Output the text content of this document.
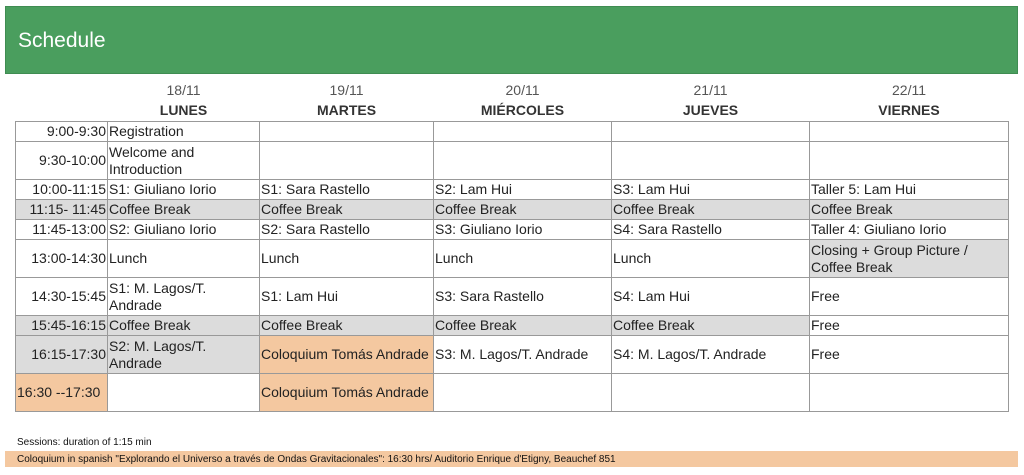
Schedule
	18/11	19/11	20/11	21/11	22/11
	LUNES	MARTES	MIÉRCOLES	JUEVES	VIERNES

9:00-9:30	Registration				
9:30-10:00	Welcome and Introduction				
10:00-11:15	S1: Giuliano Iorio	S1: Sara Rastello	S2: Lam Hui	S3: Lam Hui	Taller 5: Lam Hui
11:15- 11:45	Coffee Break	Coffee Break	Coffee Break	Coffee Break	Coffee Break
11:45-13:00	S2: Giuliano Iorio	S2: Sara Rastello	S3: Giuliano Iorio	S4: Sara Rastello	Taller 4: Giuliano Iorio
13:00-14:30	Lunch	Lunch	Lunch	Lunch	Closing + Group Picture / Coffee Break
14:30-15:45	S1: M. Lagos/T. Andrade	S1: Lam Hui	S3: Sara Rastello	S4: Lam Hui	Free
15:45-16:15	Coffee Break	Coffee Break	Coffee Break	Coffee Break	Free
16:15-17:30	S2: M. Lagos/T. Andrade	Coloquium Tomás Andrade	S3: M. Lagos/T. Andrade	S4: M. Lagos/T. Andrade	Free
16:30 --17:30		Coloquium Tomás Andrade			
Sessions: duration of 1:15 min
Coloquium in spanish "Explorando el Universo a través de Ondas Gravitacionales": 16:30 hrs/ Auditorio Enrique d'Etigny, Beauchef 851
